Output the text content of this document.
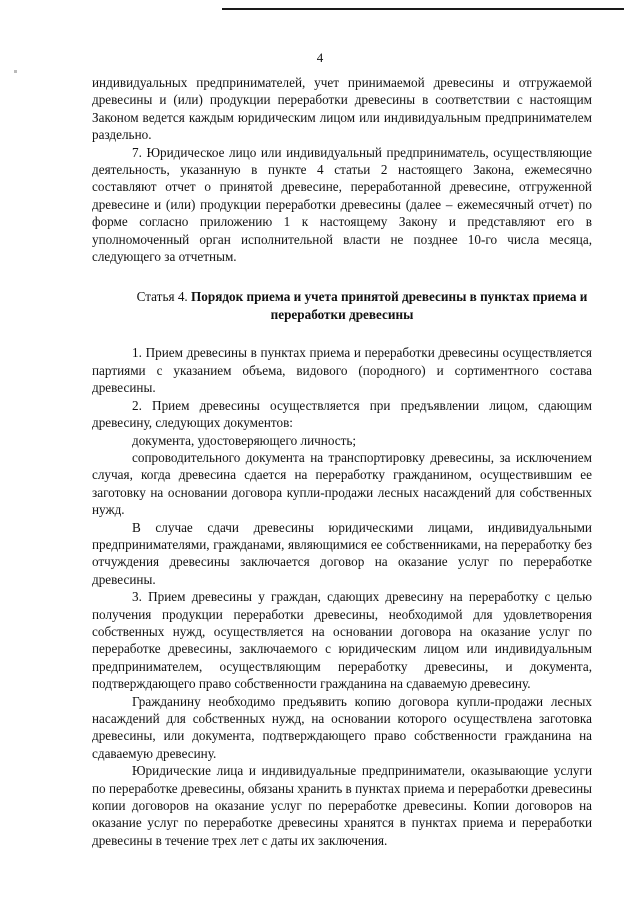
4

индивидуальных предпринимателей, учет принимаемой древесины и отгружаемой древесины и (или) продукции переработки древесины в соответствии с настоящим Законом ведется каждым юридическим лицом или индивидуальным предпринимателем раздельно.

7. Юридическое лицо или индивидуальный предприниматель, осуществляющие деятельность, указанную в пункте 4 статьи 2 настоящего Закона, ежемесячно составляют отчет о принятой древесине, переработанной древесине, отгруженной древесине и (или) продукции переработки древесины (далее – ежемесячный отчет) по форме согласно приложению 1 к настоящему Закону и представляют его в уполномоченный орган исполнительной власти не позднее 10-го числа месяца, следующего за отчетным.

Статья 4. Порядок приема и учета принятой древесины в пунктах приема и переработки древесины

1. Прием древесины в пунктах приема и переработки древесины осуществляется партиями с указанием объема, видового (породного) и сортиментного состава древесины.

2. Прием древесины осуществляется при предъявлении лицом, сдающим древесину, следующих документов:

документа, удостоверяющего личность;

сопроводительного документа на транспортировку древесины, за исключением случая, когда древесина сдается на переработку гражданином, осуществившим ее заготовку на основании договора купли-продажи лесных насаждений для собственных нужд.

В случае сдачи древесины юридическими лицами, индивидуальными предпринимателями, гражданами, являющимися ее собственниками, на переработку без отчуждения древесины заключается договор на оказание услуг по переработке древесины.

3. Прием древесины у граждан, сдающих древесину на переработку с целью получения продукции переработки древесины, необходимой для удовлетворения собственных нужд, осуществляется на основании договора на оказание услуг по переработке древесины, заключаемого с юридическим лицом или индивидуальным предпринимателем, осуществляющим переработку древесины, и документа, подтверждающего право собственности гражданина на сдаваемую древесину.

Гражданину необходимо предъявить копию договора купли-продажи лесных насаждений для собственных нужд, на основании которого осуществлена заготовка древесины, или документа, подтверждающего право собственности гражданина на сдаваемую древесину.

Юридические лица и индивидуальные предприниматели, оказывающие услуги по переработке древесины, обязаны хранить в пунктах приема и переработки древесины копии договоров на оказание услуг по переработке древесины. Копии договоров на оказание услуг по переработке древесины хранятся в пунктах приема и переработки древесины в течение трех лет с даты их заключения.
